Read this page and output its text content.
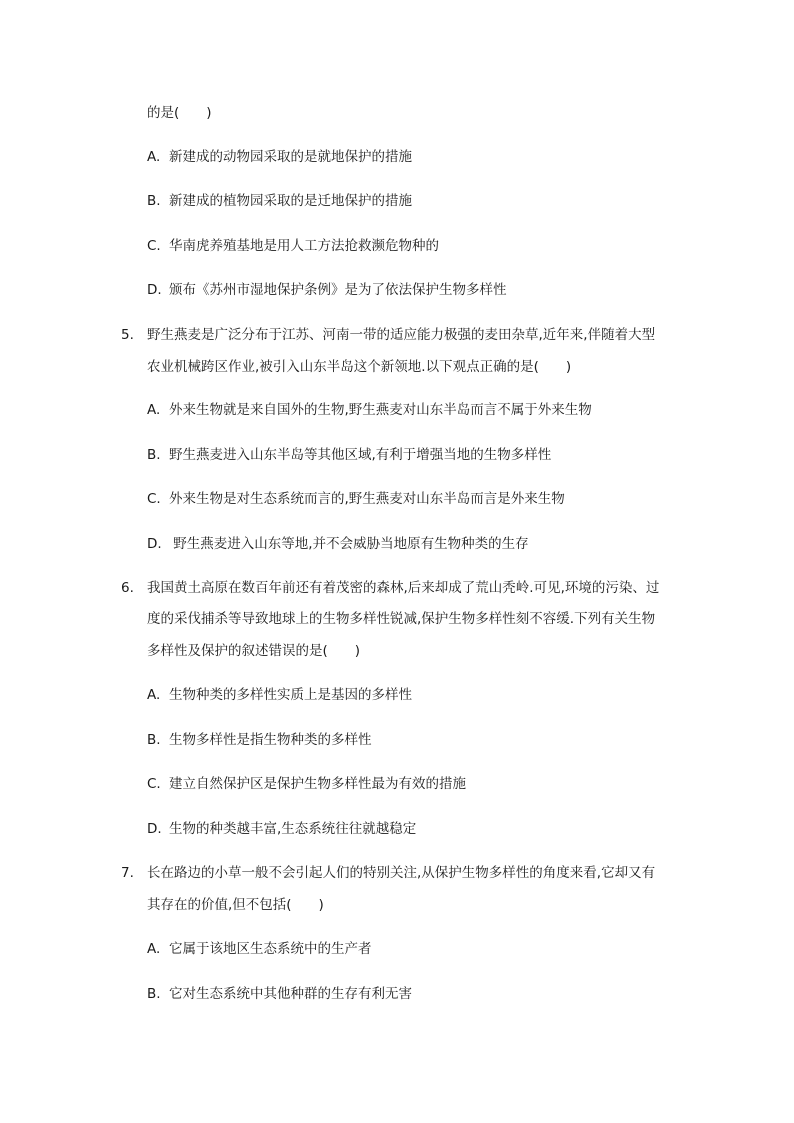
的是(　　)
A. 新建成的动物园采取的是就地保护的措施
B. 新建成的植物园采取的是迁地保护的措施
C. 华南虎养殖基地是用人工方法抢救濒危物种的
D. 颁布《苏州市湿地保护条例》是为了依法保护生物多样性
5. 野生燕麦是广泛分布于江苏、河南一带的适应能力极强的麦田杂草,近年来,伴随着大型
农业机械跨区作业,被引入山东半岛这个新领地.以下观点正确的是(　　)
A. 外来生物就是来自国外的生物,野生燕麦对山东半岛而言不属于外来生物
B. 野生燕麦进入山东半岛等其他区域,有利于增强当地的生物多样性
C. 外来生物是对生态系统而言的,野生燕麦对山东半岛而言是外来生物
D. 野生燕麦进入山东等地,并不会威胁当地原有生物种类的生存
6. 我国黄土高原在数百年前还有着茂密的森林,后来却成了荒山秃岭.可见,环境的污染、过
度的采伐捕杀等导致地球上的生物多样性锐减,保护生物多样性刻不容缓.下列有关生物
多样性及保护的叙述错误的是(　　)
A. 生物种类的多样性实质上是基因的多样性
B. 生物多样性是指生物种类的多样性
C. 建立自然保护区是保护生物多样性最为有效的措施
D. 生物的种类越丰富,生态系统往往就越稳定
7. 长在路边的小草一般不会引起人们的特别关注,从保护生物多样性的角度来看,它却又有
其存在的价值,但不包括(　　)
A. 它属于该地区生态系统中的生产者
B. 它对生态系统中其他种群的生存有利无害
